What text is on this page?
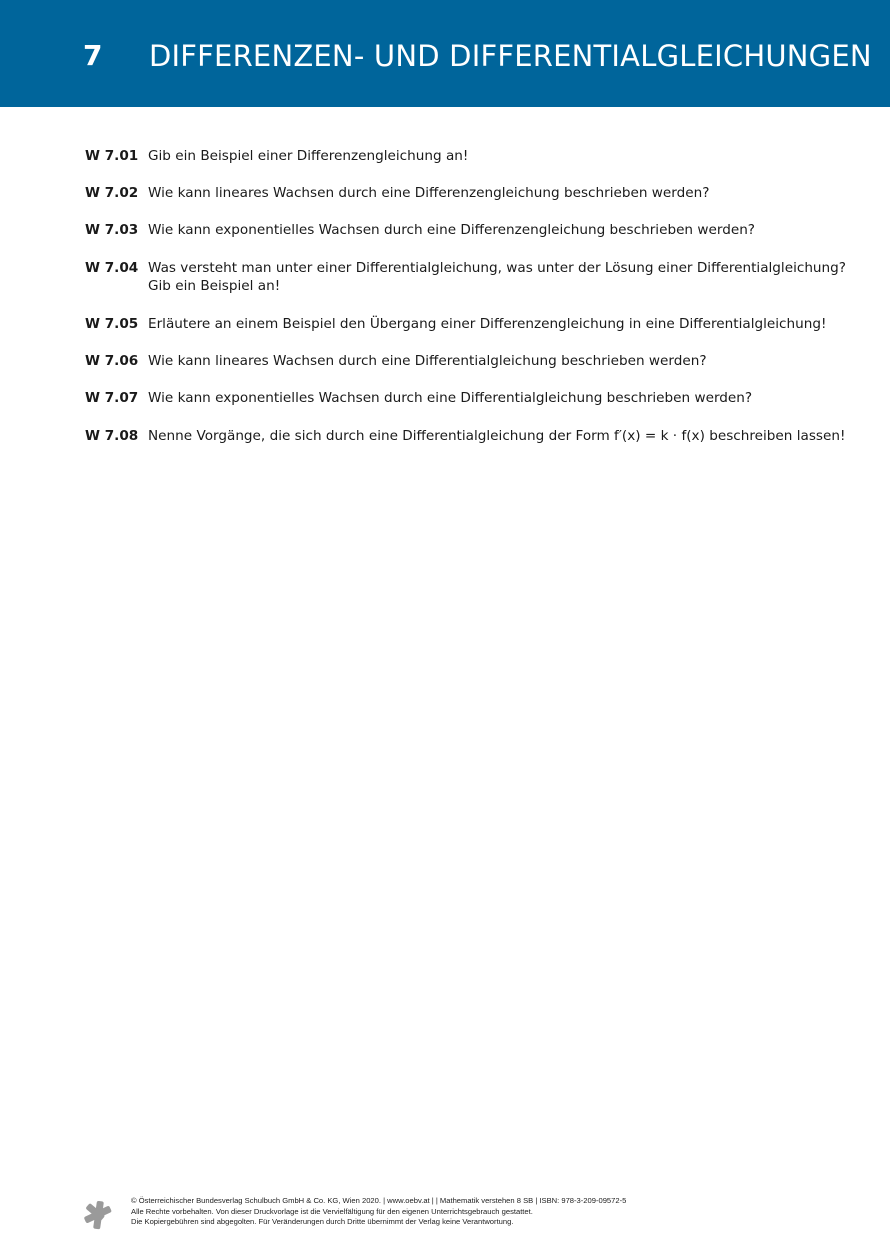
7 DIFFERENZEN- UND DIFFERENTIALGLEICHUNGEN
W 7.01 Gib ein Beispiel einer Differenzengleichung an!
W 7.02 Wie kann lineares Wachsen durch eine Differenzengleichung beschrieben werden?
W 7.03 Wie kann exponentielles Wachsen durch eine Differenzengleichung beschrieben werden?
W 7.04 Was versteht man unter einer Differentialgleichung, was unter der Lösung einer Differentialgleichung?
Gib ein Beispiel an!
W 7.05 Erläutere an einem Beispiel den Übergang einer Differenzengleichung in eine Differentialgleichung!
W 7.06 Wie kann lineares Wachsen durch eine Differentialgleichung beschrieben werden?
W 7.07 Wie kann exponentielles Wachsen durch eine Differentialgleichung beschrieben werden?
W 7.08 Nenne Vorgänge, die sich durch eine Differentialgleichung der Form f′(x) = k · f(x) beschreiben lassen!
© Österreichischer Bundesverlag Schulbuch GmbH & Co. KG, Wien 2020. | www.oebv.at | | Mathematik verstehen 8 SB | ISBN: 978-3-209-09572-5
Alle Rechte vorbehalten. Von dieser Druckvorlage ist die Vervielfältigung für den eigenen Unterrichtsgebrauch gestattet.
Die Kopiergebühren sind abgegolten. Für Veränderungen durch Dritte übernimmt der Verlag keine Verantwortung.
